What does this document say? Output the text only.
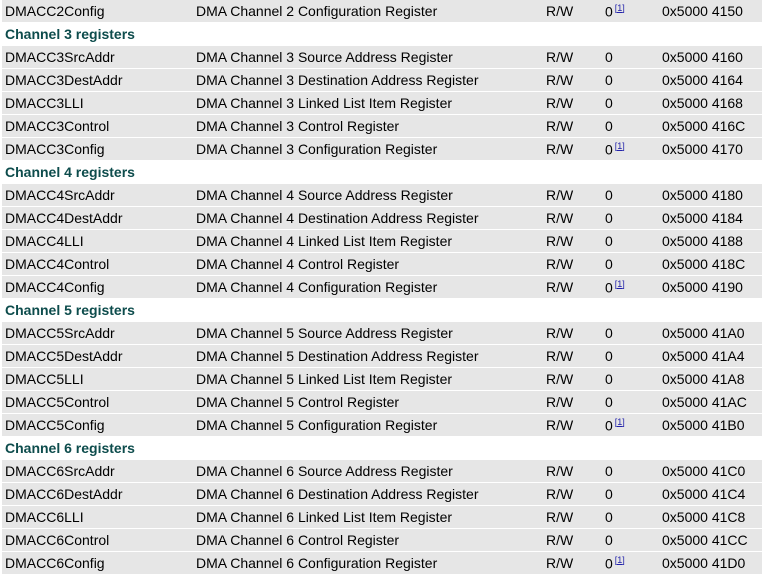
DMACC2Config	DMA Channel 2 Configuration Register	R/W	0 [1]	0x5000 4150
Channel 3 registers				
DMACC3SrcAddr	DMA Channel 3 Source Address Register	R/W	0	0x5000 4160
DMACC3DestAddr	DMA Channel 3 Destination Address Register	R/W	0	0x5000 4164
DMACC3LLI	DMA Channel 3 Linked List Item Register	R/W	0	0x5000 4168
DMACC3Control	DMA Channel 3 Control Register	R/W	0	0x5000 416C
DMACC3Config	DMA Channel 3 Configuration Register	R/W	0 [1]	0x5000 4170
Channel 4 registers				
DMACC4SrcAddr	DMA Channel 4 Source Address Register	R/W	0	0x5000 4180
DMACC4DestAddr	DMA Channel 4 Destination Address Register	R/W	0	0x5000 4184
DMACC4LLI	DMA Channel 4 Linked List Item Register	R/W	0	0x5000 4188
DMACC4Control	DMA Channel 4 Control Register	R/W	0	0x5000 418C
DMACC4Config	DMA Channel 4 Configuration Register	R/W	0 [1]	0x5000 4190
Channel 5 registers				
DMACC5SrcAddr	DMA Channel 5 Source Address Register	R/W	0	0x5000 41A0
DMACC5DestAddr	DMA Channel 5 Destination Address Register	R/W	0	0x5000 41A4
DMACC5LLI	DMA Channel 5 Linked List Item Register	R/W	0	0x5000 41A8
DMACC5Control	DMA Channel 5 Control Register	R/W	0	0x5000 41AC
DMACC5Config	DMA Channel 5 Configuration Register	R/W	0 [1]	0x5000 41B0
Channel 6 registers				
DMACC6SrcAddr	DMA Channel 6 Source Address Register	R/W	0	0x5000 41C0
DMACC6DestAddr	DMA Channel 6 Destination Address Register	R/W	0	0x5000 41C4
DMACC6LLI	DMA Channel 6 Linked List Item Register	R/W	0	0x5000 41C8
DMACC6Control	DMA Channel 6 Control Register	R/W	0	0x5000 41CC
DMACC6Config	DMA Channel 6 Configuration Register	R/W	0 [1]	0x5000 41D0
